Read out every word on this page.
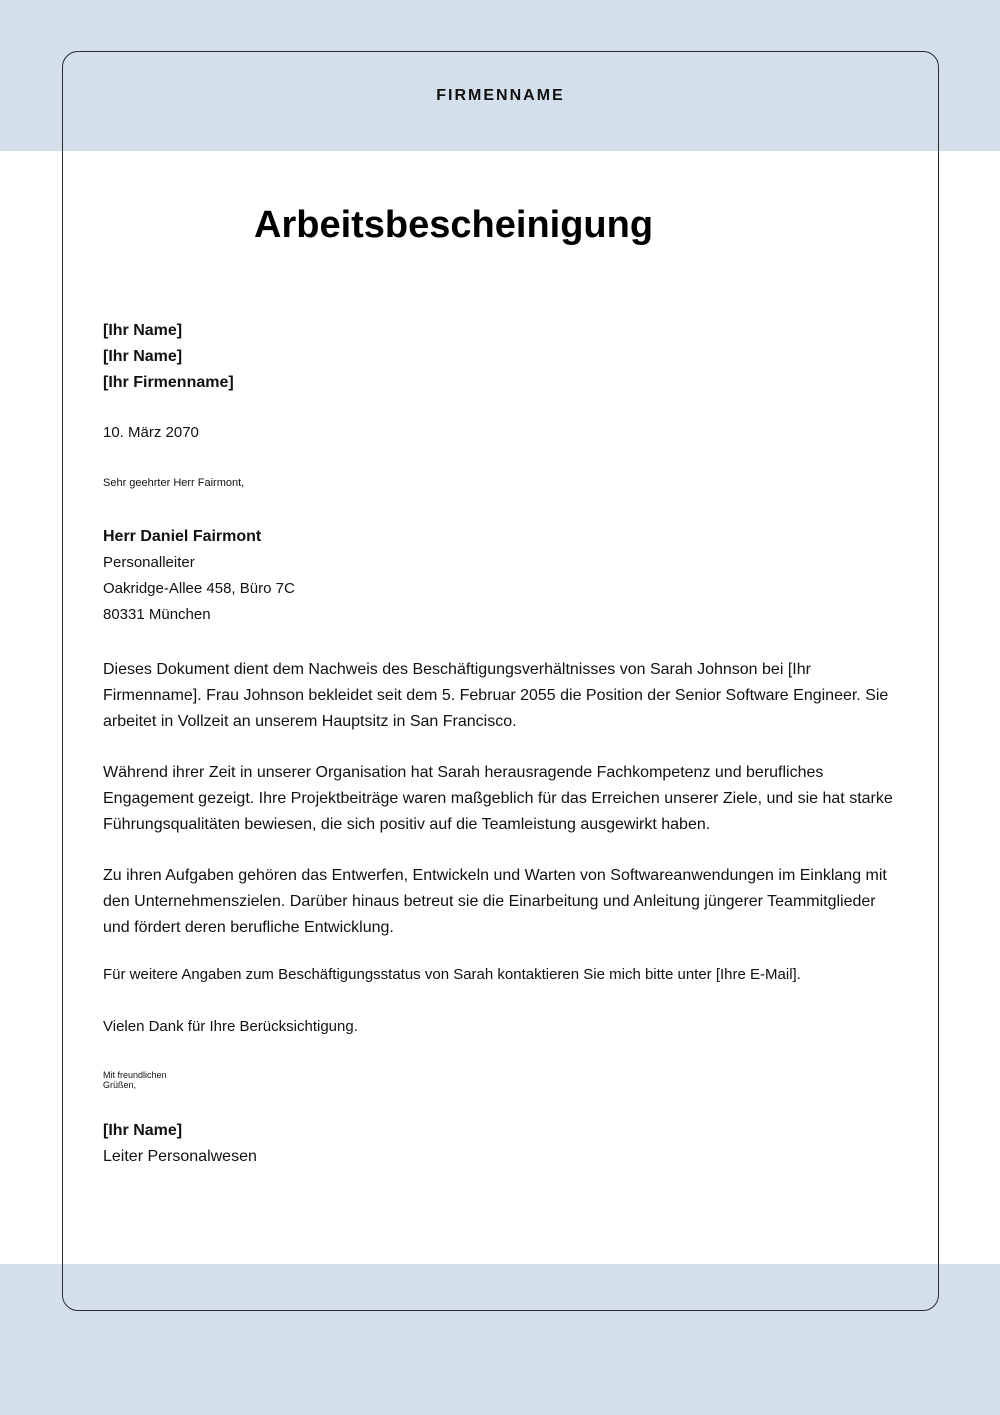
FIRMENNAME
Arbeitsbescheinigung
[Ihr Name]
[Ihr Name]
[Ihr Firmenname]

10. März 2070

Sehr geehrter Herr Fairmont,

Herr Daniel Fairmont
Personalleiter
Oakridge-Allee 458, Büro 7C
80331 München

Dieses Dokument dient dem Nachweis des Beschäftigungsverhältnisses von Sarah Johnson bei [Ihr Firmenname]. Frau Johnson bekleidet seit dem 5. Februar 2055 die Position der Senior Software Engineer. Sie arbeitet in Vollzeit an unserem Hauptsitz in San Francisco.

Während ihrer Zeit in unserer Organisation hat Sarah herausragende Fachkompetenz und berufliches Engagement gezeigt. Ihre Projektbeiträge waren maßgeblich für das Erreichen unserer Ziele, und sie hat starke Führungsqualitäten bewiesen, die sich positiv auf die Teamleistung ausgewirkt haben.

Zu ihren Aufgaben gehören das Entwerfen, Entwickeln und Warten von Softwareanwendungen im Einklang mit den Unternehmenszielen. Darüber hinaus betreut sie die Einarbeitung und Anleitung jüngerer Teammitglieder und fördert deren berufliche Entwicklung.

Für weitere Angaben zum Beschäftigungsstatus von Sarah kontaktieren Sie mich bitte unter [Ihre E-Mail].

Vielen Dank für Ihre Berücksichtigung.

Mit freundlichen
Grüßen,
[Ihr Name]
Leiter Personalwesen
